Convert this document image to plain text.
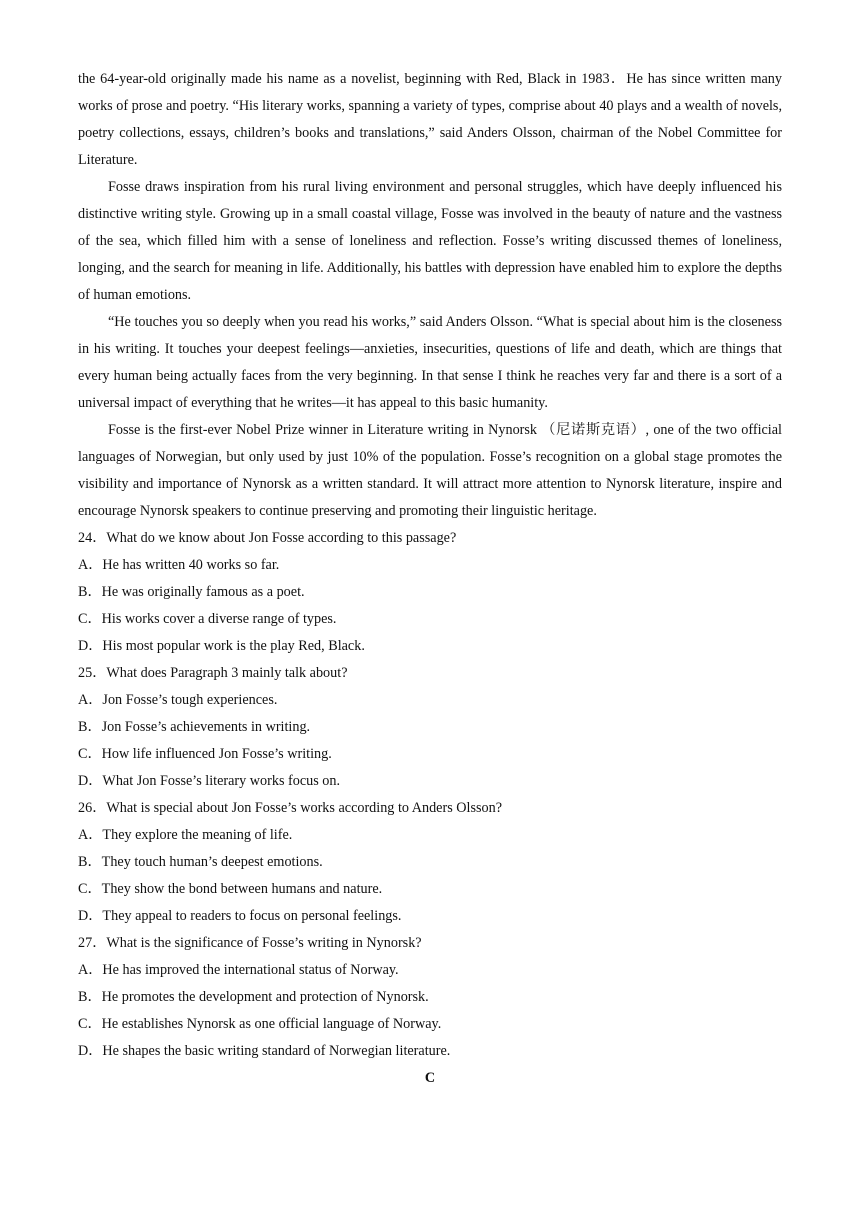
the 64-year-old originally made his name as a novelist, beginning with Red, Black in 1983．He has since written many works of prose and poetry. “His literary works, spanning a variety of types, comprise about 40 plays and a wealth of novels, poetry collections, essays, children’s books and translations,” said Anders Olsson, chairman of the Nobel Committee for Literature.

Fosse draws inspiration from his rural living environment and personal struggles, which have deeply influenced his distinctive writing style. Growing up in a small coastal village, Fosse was involved in the beauty of nature and the vastness of the sea, which filled him with a sense of loneliness and reflection. Fosse’s writing discussed themes of loneliness, longing, and the search for meaning in life. Additionally, his battles with depression have enabled him to explore the depths of human emotions.

“He touches you so deeply when you read his works,” said Anders Olsson. “What is special about him is the closeness in his writing. It touches your deepest feelings—anxieties, insecurities, questions of life and death, which are things that every human being actually faces from the very beginning. In that sense I think he reaches very far and there is a sort of a universal impact of everything that he writes—it has appeal to this basic humanity.

Fosse is the first-ever Nobel Prize winner in Literature writing in Nynorsk （尼诺斯克语）, one of the two official languages of Norwegian, but only used by just 10% of the population. Fosse’s recognition on a global stage promotes the visibility and importance of Nynorsk as a written standard. It will attract more attention to Nynorsk literature, inspire and encourage Nynorsk speakers to continue preserving and promoting their linguistic heritage.

24．What do we know about Jon Fosse according to this passage?

A．He has written 40 works so far.

B．He was originally famous as a poet.

C．His works cover a diverse range of types.

D．His most popular work is the play Red, Black.

25．What does Paragraph 3 mainly talk about?

A．Jon Fosse’s tough experiences.

B．Jon Fosse’s achievements in writing.

C．How life influenced Jon Fosse’s writing.

D．What Jon Fosse’s literary works focus on.

26．What is special about Jon Fosse’s works according to Anders Olsson?

A．They explore the meaning of life.

B．They touch human’s deepest emotions.

C．They show the bond between humans and nature.

D．They appeal to readers to focus on personal feelings.

27．What is the significance of Fosse’s writing in Nynorsk?

A．He has improved the international status of Norway.

B．He promotes the development and protection of Nynorsk.

C．He establishes Nynorsk as one official language of Norway.

D．He shapes the basic writing standard of Norwegian literature.

C
